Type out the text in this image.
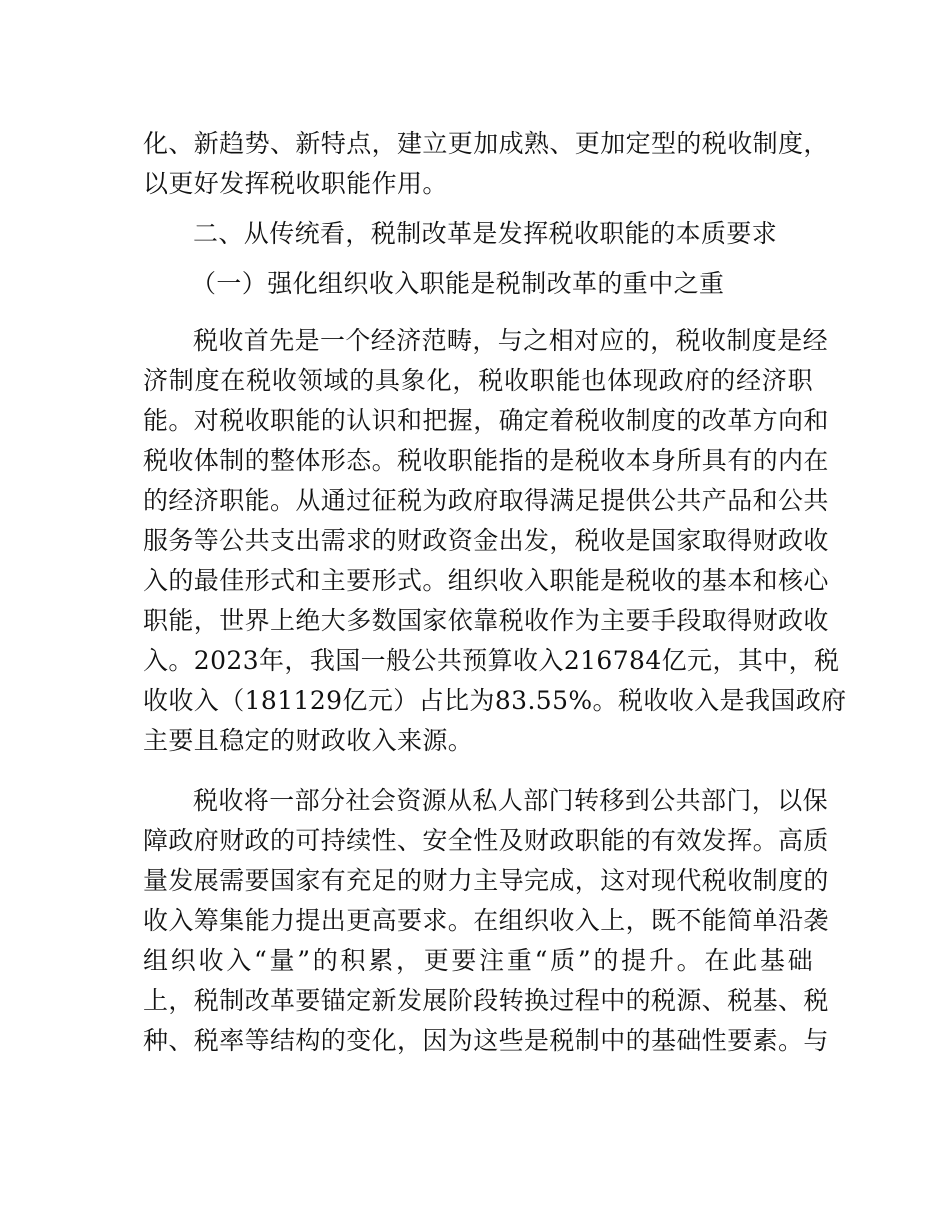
化、新趋势、新特点，建立更加成熟、更加定型的税收制度，
以更好发挥税收职能作用。
二、从传统看，税制改革是发挥税收职能的本质要求
（一）强化组织收入职能是税制改革的重中之重
税收首先是一个经济范畴，与之相对应的，税收制度是经
济制度在税收领域的具象化，税收职能也体现政府的经济职
能。对税收职能的认识和把握，确定着税收制度的改革方向和
税收体制的整体形态。税收职能指的是税收本身所具有的内在
的经济职能。从通过征税为政府取得满足提供公共产品和公共
服务等公共支出需求的财政资金出发，税收是国家取得财政收
入的最佳形式和主要形式。组织收入职能是税收的基本和核心
职能，世界上绝大多数国家依靠税收作为主要手段取得财政收
入。2023年，我国一般公共预算收入216784亿元，其中，税
收收入（181129亿元）占比为83.55%。税收收入是我国政府
主要且稳定的财政收入来源。
税收将一部分社会资源从私人部门转移到公共部门，以保
障政府财政的可持续性、安全性及财政职能的有效发挥。高质
量发展需要国家有充足的财力主导完成，这对现代税收制度的
收入筹集能力提出更高要求。在组织收入上，既不能简单沿袭
组织收入“量”的积累，更要注重“质”的提升。在此基础
上，税制改革要锚定新发展阶段转换过程中的税源、税基、税
种、税率等结构的变化，因为这些是税制中的基础性要素。与
